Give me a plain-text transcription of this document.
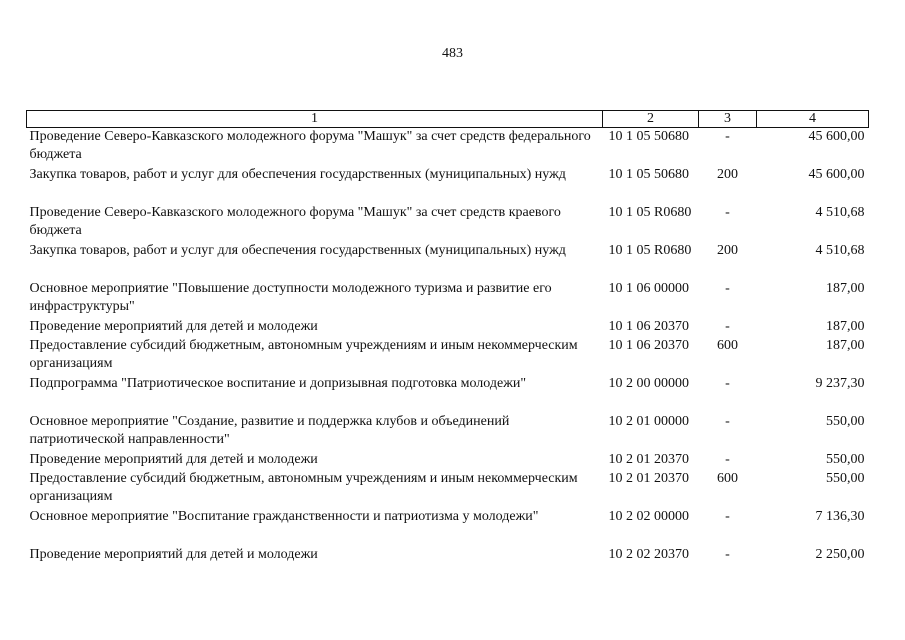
483
1	2	3	4
Проведение Северо-Кавказского молодежного форума "Машук" за счет средств федерального бюджета	10 1 05 50680	-	45 600,00
Закупка товаров, работ и услуг для обеспечения государственных (муниципальных) нужд	10 1 05 50680	200	45 600,00
Проведение Северо-Кавказского молодежного форума "Машук" за счет средств краевого бюджета	10 1 05 R0680	-	4 510,68
Закупка товаров, работ и услуг для обеспечения государственных (муниципальных) нужд	10 1 05 R0680	200	4 510,68
Основное мероприятие "Повышение доступности молодежного туризма и развитие его инфраструктуры"	10 1 06 00000	-	187,00
Проведение мероприятий для детей и молодежи	10 1 06 20370	-	187,00
Предоставление субсидий бюджетным, автономным учреждениям и иным некоммерческим организациям	10 1 06 20370	600	187,00
Подпрограмма "Патриотическое воспитание и допризывная подготовка молодежи"	10 2 00 00000	-	9 237,30
Основное мероприятие "Создание, развитие и поддержка клубов и объединений патриотической направленности"	10 2 01 00000	-	550,00
Проведение мероприятий для детей и молодежи	10 2 01 20370	-	550,00
Предоставление субсидий бюджетным, автономным учреждениям и иным некоммерческим организациям	10 2 01 20370	600	550,00
Основное мероприятие "Воспитание гражданственности и патриотизма у молодежи"	10 2 02 00000	-	7 136,30
Проведение мероприятий для детей и молодежи	10 2 02 20370	-	2 250,00
